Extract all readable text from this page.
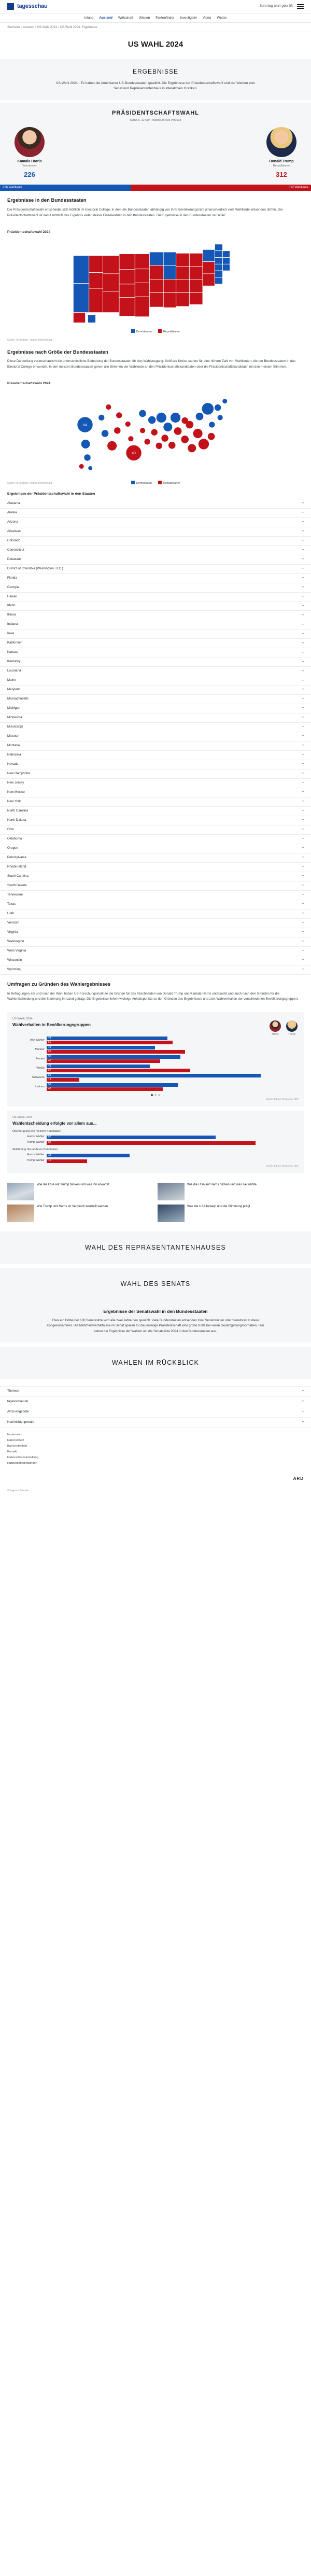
tagesschau	Sonntag jetzt geprüft
Inland Ausland Wirtschaft Wissen Faktenfinder Investigativ Video Wetter
Startseite › Ausland › US-Wahl 2024 › US-Wahl 2024: Ergebnisse
US WAHL 2024
ERGEBNISSE

US-Wahl 2024 - Tu haben die Amerikaner US-Bundesstaaten gewählt. Die Ergebnisse der Präsidentschaftswahl und der Wahlen zum Senat und Repräsentantenhaus in interaktiven Grafiken.

PRÄSIDENTSCHAFTSWAHL
Stand 6. 12 Uhr | Wahlleute 538 von 538
Kamala Harris
Demokraten
226
Donald Trump
Republikaner
312
226 Wahlleute	312 Wahlleute
Ergebnisse in den Bundesstaaten

Die Präsidentschaftswahl entscheidet sich letztlich im Electoral College, in dem die Bundesstaaten abhängig von ihrer Bevölkerungszahl unterschiedlich viele Wahlleute entsenden dürfen. Die Präsidentschaftswahl ist damit letztlich das Ergebnis vieler kleiner Einzelwahlen in den Bundesstaaten. Die Ergebnisse in den Bundesstaaten im Detail:

Präsidentschaftswahl 2024
Demokraten	Republikaner
Quelle: AP/Edison, eigene Berechnung
Ergebnisse nach Größe der Bundesstaaten

Diese Darstellung veranschaulicht die unterschiedliche Bedeutung der Bundesstaaten für den Wahlausgang: Größere Kreise stehen für eine höhere Zahl von Wahlleuten, die der Bundesstaaten in das Electoral College entsendet. In den meisten Bundesstaaten gehen alle Stimmen der Wahlleute an den Präsidentschaftskandidaten oder die Präsidentschaftskandidatin mit den meisten Stimmen.

Präsidentschaftswahl 2024
54
40
Demokraten	Republikaner
Quelle: AP/Edison, eigene Berechnung
Ergebnisse der Präsidentschaftswahl in den Staaten
Alabama	▾
Alaska	▾
Arizona	▾
Arkansas	▾
Colorado	▾
Connecticut	▾
Delaware	▾
District of Columbia (Washington, D.C.)	▾
Florida	▾
Georgia	▾
Hawaii	▾
Idaho	▾
Illinois	▾
Indiana	▾
Iowa	▾
Kalifornien	▾
Kansas	▾
Kentucky	▾
Louisiana	▾
Maine	▾
Maryland	▾
Massachusetts	▾
Michigan	▾
Minnesota	▾
Mississippi	▾
Missouri	▾
Montana	▾
Nebraska	▾
Nevada	▾
New Hampshire	▾
New Jersey	▾
New Mexico	▾
New York	▾
North Carolina	▾
North Dakota	▾
Ohio	▾
Oklahoma	▾
Oregon	▾
Pennsylvania	▾
Rhode Island	▾
South Carolina	▾
South Dakota	▾
Tennessee	▾
Texas	▾
Utah	▾
Vermont	▾
Virginia	▾
Washington	▾
West Virginia	▾
Wisconsin	▾
Wyoming	▾
Umfragen zu Gründen des Wahlergebnisses

In Befragungen am und nach der Wahl haben US-Forschungsinstitute die Gründe für das Abschneiden von Donald Trump und Kamala Harris untersucht und auch nach den Gründen für die Wahlentscheidung und die Stimmung im Land gefragt. Die Ergebnisse liefern wichtige Anhaltspunkte zu den Gründen des Ergebnisses und zum Wahlverhalten der verschiedenen Bevölkerungsgruppen.

US-WAHL 2024
Wahlverhalten in Bevölkerungsgruppen
Harris	Trump
Alle Wähler
48
50
Männer
43
55
Frauen
53
45
Weiße
41
57
Schwarze
85
13
Latinos
52
46
Quelle: Edison Research / NEP
US-WAHL 2024
Wahlentscheidung erfolgte vor allem aus...
Überzeugung von meinem Kandidaten
Harris Wähler	67
Trump Wähler	83
Ablehnung des anderen Kandidaten
Harris Wähler	33
Trump Wähler	16
Quelle: Edison Research / NEP
Wie die USA auf Trump blicken und was ihn erwartet	Wie die USA auf Harris blicken und was sie wählte
Wie Trump und Harris im Vergleich beurteilt werden	Was die USA bewegt und die Stimmung prägt
WAHL DES REPRÄSENTANTENHAUSES
WAHL DES SENATS
Ergebnisse der Senatswahl in den Bundesstaaten

Etwa ein Drittel der 100 Senatssitze wird alle zwei Jahre neu gewählt. Viele Bundesstaaten entsenden zwei Senatorinnen oder Senatoren in diese Kongresskammer. Die Mehrheitsverhältnisse im Senat spielen für die jeweilige Präsidentschaft eine große Rolle bei vielen Gesetzgebungsvorhaben. Hier sehen die Ergebnisse der Wahlen um die Senatssitze 2024 in den Bundesstaaten aus.

WAHLEN IM RÜCKBLICK
Themen	▾
tagesschau.de	▾
ARD-Angebote	▾
Nachrichtenportale	▾
Impressum
Datenschutz
Barrierefreiheit
Kontakt
Datenschutzeinstellung
Nutzungsbedingungen
ARD
© tagesschau.de
